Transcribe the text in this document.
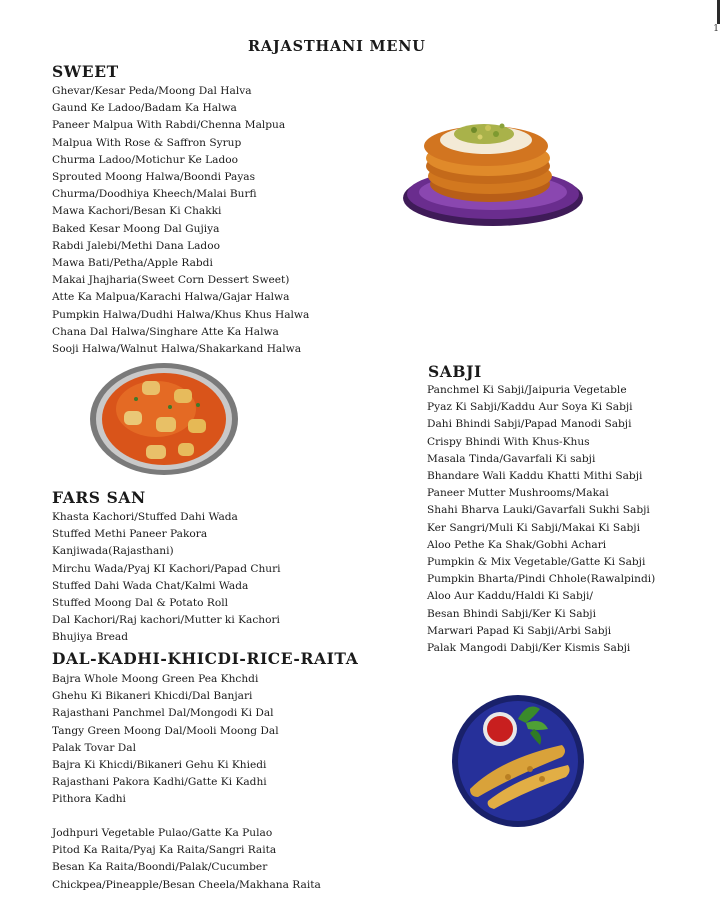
1
RAJASTHANI MENU
SWEET
Ghevar/Kesar Peda/Moong Dal Halva
Gaund Ke Ladoo/Badam Ka Halwa
Paneer Malpua With Rabdi/Chenna Malpua
Malpua With Rose & Saffron Syrup
Churma Ladoo/Motichur Ke Ladoo
Sprouted Moong Halwa/Boondi Payas
Churma/Doodhiya Kheech/Malai Burfi
Mawa Kachori/Besan Ki Chakki
Baked Kesar Moong Dal Gujiya
Rabdi Jalebi/Methi Dana Ladoo
Mawa Bati/Petha/Apple Rabdi
Makai Jhajharia(Sweet Corn Dessert Sweet)
Atte Ka Malpua/Karachi Halwa/Gajar Halwa
Pumpkin Halwa/Dudhi Halwa/Khus Khus Halwa
Chana Dal Halwa/Singhare Atte Ka Halwa
Sooji Halwa/Walnut Halwa/Shakarkand Halwa
SABJI
Panchmel Ki Sabji/Jaipuria Vegetable
Pyaz Ki Sabji/Kaddu Aur Soya Ki Sabji
Dahi Bhindi Sabji/Papad Manodi Sabji
Crispy Bhindi With Khus-Khus
Masala Tinda/Gavarfali Ki sabji
Bhandare Wali Kaddu Khatti Mithi Sabji
Paneer Mutter Mushrooms/Makai
Shahi Bharva Lauki/Gavarfali Sukhi Sabji
Ker Sangri/Muli Ki Sabji/Makai Ki Sabji
Aloo Pethe Ka Shak/Gobhi Achari
Pumpkin & Mix Vegetable/Gatte Ki Sabji
Pumpkin Bharta/Pindi Chhole(Rawalpindi)
Aloo Aur Kaddu/Haldi Ki Sabji/
Besan Bhindi Sabji/Ker Ki Sabji
Marwari Papad Ki Sabji/Arbi Sabji
Palak Mangodi Dabji/Ker Kismis Sabji
FARS SAN
Khasta Kachori/Stuffed Dahi Wada
Stuffed Methi Paneer Pakora
Kanjiwada(Rajasthani)
Mirchu Wada/Pyaj KI Kachori/Papad Churi
Stuffed Dahi Wada Chat/Kalmi Wada
Stuffed Moong Dal & Potato Roll
Dal Kachori/Raj kachori/Mutter ki Kachori
Bhujiya Bread
DAL-KADHI-KHICDI-RICE-RAITA
Bajra Whole Moong Green Pea Khchdi
Ghehu Ki Bikaneri Khicdi/Dal Banjari
Rajasthani Panchmel Dal/Mongodi Ki Dal
Tangy Green Moong Dal/Mooli Moong Dal
Palak Tovar Dal
Bajra Ki Khicdi/Bikaneri Gehu Ki Khiedi
Rajasthani Pakora Kadhi/Gatte Ki Kadhi
Pithora Kadhi
Jodhpuri Vegetable Pulao/Gatte Ka Pulao
Pitod Ka Raita/Pyaj Ka Raita/Sangri Raita
Besan Ka Raita/Boondi/Palak/Cucumber
Chickpea/Pineapple/Besan Cheela/Makhana Raita
